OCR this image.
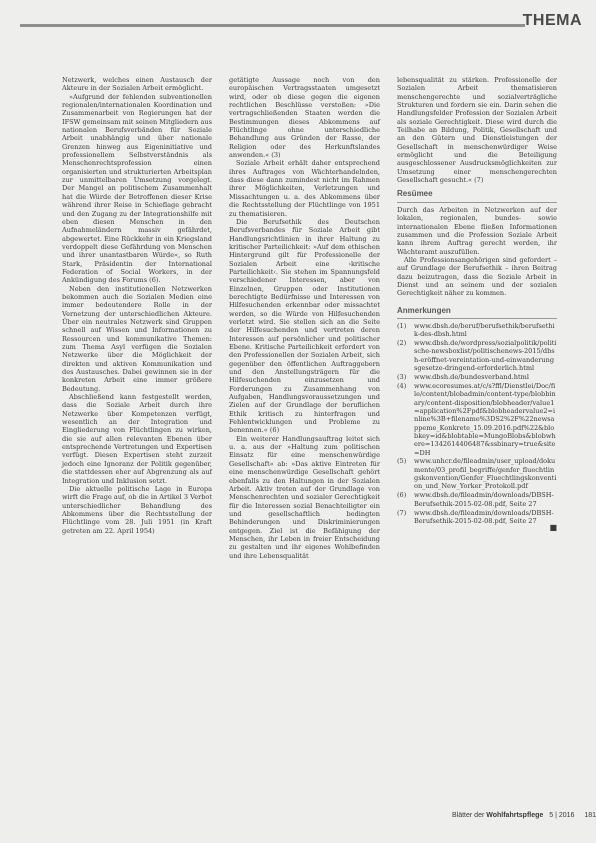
THEMA

Netzwerk, welches einen Austausch der Akteure in der Sozialen Arbeit ermöglicht.

»Aufgrund der fehlenden subventionellen regionalen/internationalen Koordination und Zusammenarbeit von Regierungen hat der IFSW gemeinsam mit seinen Mitgliedern aus nationalen Berufsverbänden für Soziale Arbeit unabhängig und über nationale Grenzen hinweg aus Eigeninitiative und professionellem Selbstverständnis als Menschenrechtsprofession einen organisierten und strukturierten Arbeitsplan zur unmittelbaren Umsetzung vorgelegt. Der Mangel an politischem Zusammenhalt hat die Würde der Betroffenen dieser Krise während ihrer Reise in Schieflage gebracht und den Zugang zu der Integrationshilfe mit eben diesen Menschen in den Aufnahmeländern massiv gefährdet, abgewertet. Eine Rückkehr in ein Kriegsland verdoppelt diese Gefährdung von Menschen und ihrer unantastbaren Würde«, so Ruth Stark, Präsidentin der International Federation of Social Workers, in der Ankündigung des Forums (6).

Neben den institutionellen Netzwerken bekommen auch die Sozialen Medien eine immer bedeutendere Rolle in der Vernetzung der unterschiedlichen Akteure. Über ein neutrales Netzwerk sind Gruppen schnell auf Wissen und Informationen zu Ressourcen und kommunikative Themen: zum Thema Asyl verfügen die Sozialen Netzwerke über die Möglichkeit der direkten und aktiven Kommunikation und des Austausches. Dabei gewinnen sie in der konkreten Arbeit eine immer größere Bedeutung.

Abschließend kann festgestellt werden, dass die Soziale Arbeit durch ihre Netzwerke über Kompetenzen verfügt, wesentlich an der Integration und Eingliederung von Flüchtlingen zu wirken, die sie auf allen relevanten Ebenen über entsprechende Vertretungen und Expertisen verfügt. Diesen Expertisen steht zurzeit jedoch eine Ignoranz der Politik gegenüber, die stattdessen eher auf Abgrenzung als auf Integration und Inklusion setzt.

Die aktuelle politische Lage in Europa wirft die Frage auf, ob die in Artikel 3 Verbot unterschiedlicher Behandlung des Abkommens über die Rechtsstellung der Flüchtlinge vom 28. Juli 1951 (in Kraft getreten am 22. April 1954)

getätigte Aussage noch von den europäischen Vertragsstaaten umgesetzt wird, oder ob diese gegen die eigenen rechtlichen Beschlüsse verstoßen: »Die vertragschließenden Staaten werden die Bestimmungen dieses Abkommens auf Flüchtlinge ohne unterschiedliche Behandlung aus Gründen der Rasse, der Religion oder des Herkunftslandes anwenden.« (3)

Soziale Arbeit erhält daher entsprechend ihres Auftrages von Wächterhandelnden, dass diese dann zumindest nicht im Rahmen ihrer Möglichkeiten, Verletzungen und Missachtungen u. a. des Abkommens über die Rechtsstellung der Flüchtlinge von 1951 zu thematisieren.

Die Berufsethik des Deutschen Berufsverbandes für Soziale Arbeit gibt Handlungsrichtlinien in ihrer Haltung zu kritischer Parteilichkeit: »Auf dem ethischen Hintergrund gilt für Professionelle der Sozialen Arbeit eine ›kritische Parteilichkeit‹. Sie stehen im Spannungsfeld verschiedener Interessen, aber von Einzelnen, Gruppen oder Institutionen berechtigte Bedürfnisse und Interessen von Hilfesuchenden erkennbar oder missachtet werden, so die Würde von Hilfesuchenden verletzt wird. Sie stellen sich an die Seite der Hilfesuchenden und vertreten deren Interessen auf persönlicher und politischer Ebene. Kritische Parteilichkeit erfordert von den Professionellen der Sozialen Arbeit, sich gegenüber den öffentlichen Auftraggebern und den Anstellungsträgern für die Hilfesuchenden einzusetzen und Forderungen zu Zusammenhang von Aufgaben, Handlungsvoraussetzungen und Zielen auf der Grundlage der beruflichen Ethik kritisch zu hinterfragen und Fehlentwicklungen und Probleme zu benennen.« (6)

Ein weiterer Handlungsauftrag leitet sich u. a. aus der »Haltung zum politischen Einsatz für eine menschenwürdige Gesellschaft« ab: »Das aktive Eintreten für eine menschenwürdige Gesellschaft gehört ebenfalls zu den Haltungen in der Sozialen Arbeit. Aktiv treten auf der Grundlage von Menschenrechten und sozialer Gerechtigkeit für die Interessen sozial Benachteiligter ein und gesellschaftlich bedingten Behinderungen und Diskriminierungen entgegen. Ziel ist die Befähigung der Menschen, ihr Leben in freier Entscheidung zu gestalten und ihr eigenes Wohlbefinden und ihre Lebensqualität

lebensqualität zu stärken. Professionelle der Sozialen Arbeit thematisieren menschengerechte und sozialverträgliche Strukturen und fordern sie ein. Darin sehen die Handlungsfelder Profession der Sozialen Arbeit als soziale Gerechtigkeit. Diese wird durch die Teilhabe an Bildung, Politik, Gesellschaft und an den Gütern und Dienstleistungen der Gesellschaft in menschenwürdiger Weise ermöglicht und die Beteiligung ausgeschlossener Ausdrucksmöglichkeiten zur Umsetzung einer menschengerechten Gesellschaft gesucht.« (7)

Resümee

Durch das Arbeiten in Netzwerken auf der lokalen, regionalen, bundes- sowie internationalen Ebene fließen Informationen zusammen und die Profession Soziale Arbeit kann ihrem Auftrag gerecht werden, ihr Wächteramt auszufüllen.

Alle Professionsangehörigen sind gefordert – auf Grundlage der Berufsethik – ihren Beitrag dazu beizutragen, dass die Soziale Arbeit in Dienst und an seinem und der sozialen Gerechtigkeit näher zu kommen.

Anmerkungen
(1)	www.dbsh.de/beruf/berufsethik/berufsethik-des-dbsh.html
(2)	www.dbsh.de/wordpress/sozialpolitik/politische-newsboxlist/politischenews-2015/dbsh-eröffnet-vereintation-und-einwanderungsgesetze-dringend-erforderlich.html
(3)	www.dbsh.de/bundesverband.html
(4)	www.ecoresumes.at/c/s?ffl/Dienstlei/Doc/file/content/blobadmin/content-type/blobbinary/content-disposition/blobheader/value1=application%2Fpdf&blobheadervalue2=inline%3B+filename%3DS2%2F%22newsappeme_Konkrete_15.09.2016.pdf%22&blobkey=id&blobtable=MungoBlobs&blobwhere=1342614406487&ssbinary=true&site=DH
(5)	www.unhcr.de/fileadmin/user_upload/dokumente/03_profil_begriffe/genfer_fluechtlingskonvention/Genfer_Fluechtlingskonvention_und_New_Yorker_Protokoll.pdf
(6)	www.dbsh.de/fileadmin/downloads/DBSH-Berufsethik-2015-02-08.pdf, Seite 27
(7)	www.dbsh.de/fileadmin/downloads/DBSH-Berufsethik-2015-02-08.pdf, Seite 27
■
Blätter der Wohlfahrtspflege 5 | 2016 181
